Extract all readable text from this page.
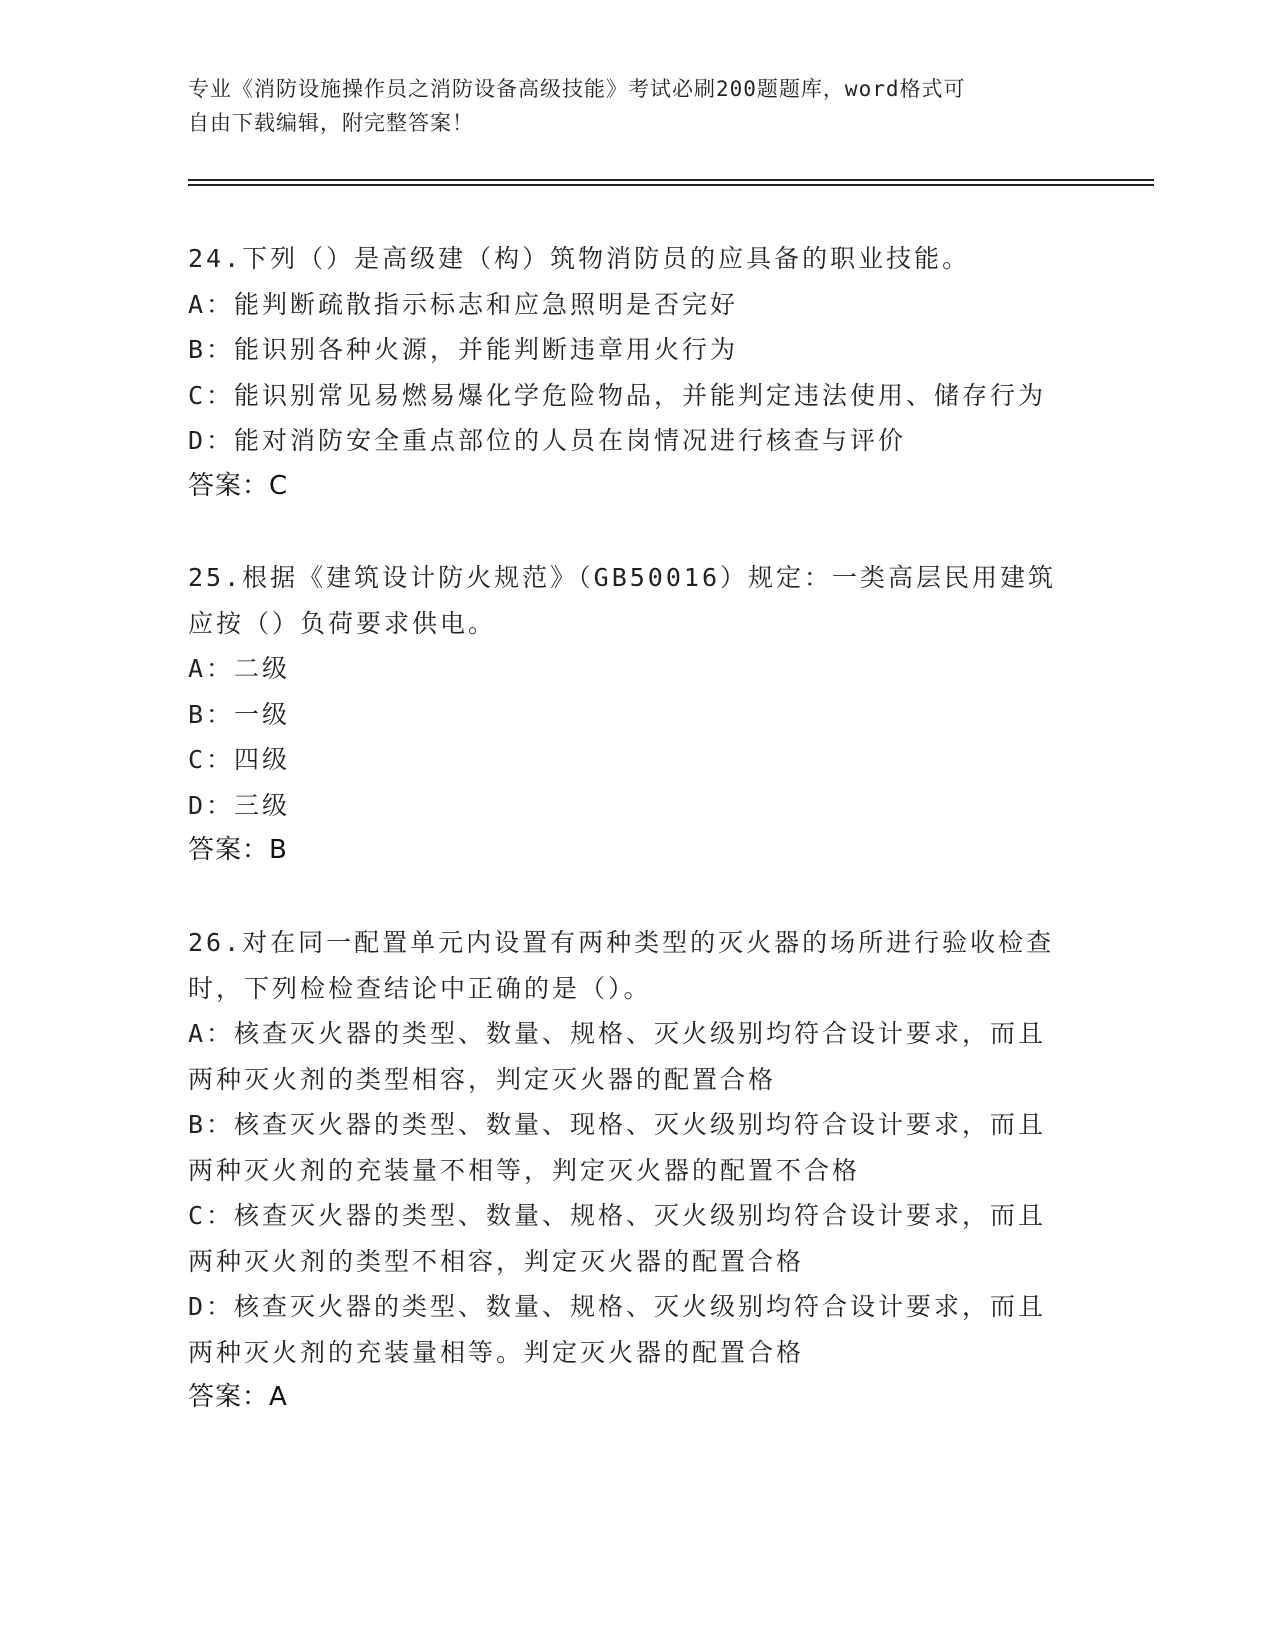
专业《消防设施操作员之消防设备高级技能》考试必刷200题题库，word格式可

自由下载编辑，附完整答案！

24.下列（）是高级建（构）筑物消防员的应具备的职业技能。

A：能判断疏散指示标志和应急照明是否完好

B：能识别各种火源，并能判断违章用火行为

C：能识别常见易燃易爆化学危险物品，并能判定违法使用、储存行为

D：能对消防安全重点部位的人员在岗情况进行核查与评价

答案：C

25.根据《建筑设计防火规范》（GB50016）规定：一类高层民用建筑

应按（）负荷要求供电。

A：二级

B：一级

C：四级

D：三级

答案：B

26.对在同一配置单元内设置有两种类型的灭火器的场所进行验收检查

时，下列检检查结论中正确的是（）。

A：核查灭火器的类型、数量、规格、灭火级别均符合设计要求，而且

两种灭火剂的类型相容，判定灭火器的配置合格

B：核查灭火器的类型、数量、现格、灭火级别均符合设计要求，而且

两种灭火剂的充装量不相等，判定灭火器的配置不合格

C：核查灭火器的类型、数量、规格、灭火级别均符合设计要求，而且

两种灭火剂的类型不相容，判定灭火器的配置合格

D：核查灭火器的类型、数量、规格、灭火级别均符合设计要求，而且

两种灭火剂的充装量相等。判定灭火器的配置合格

答案：A
